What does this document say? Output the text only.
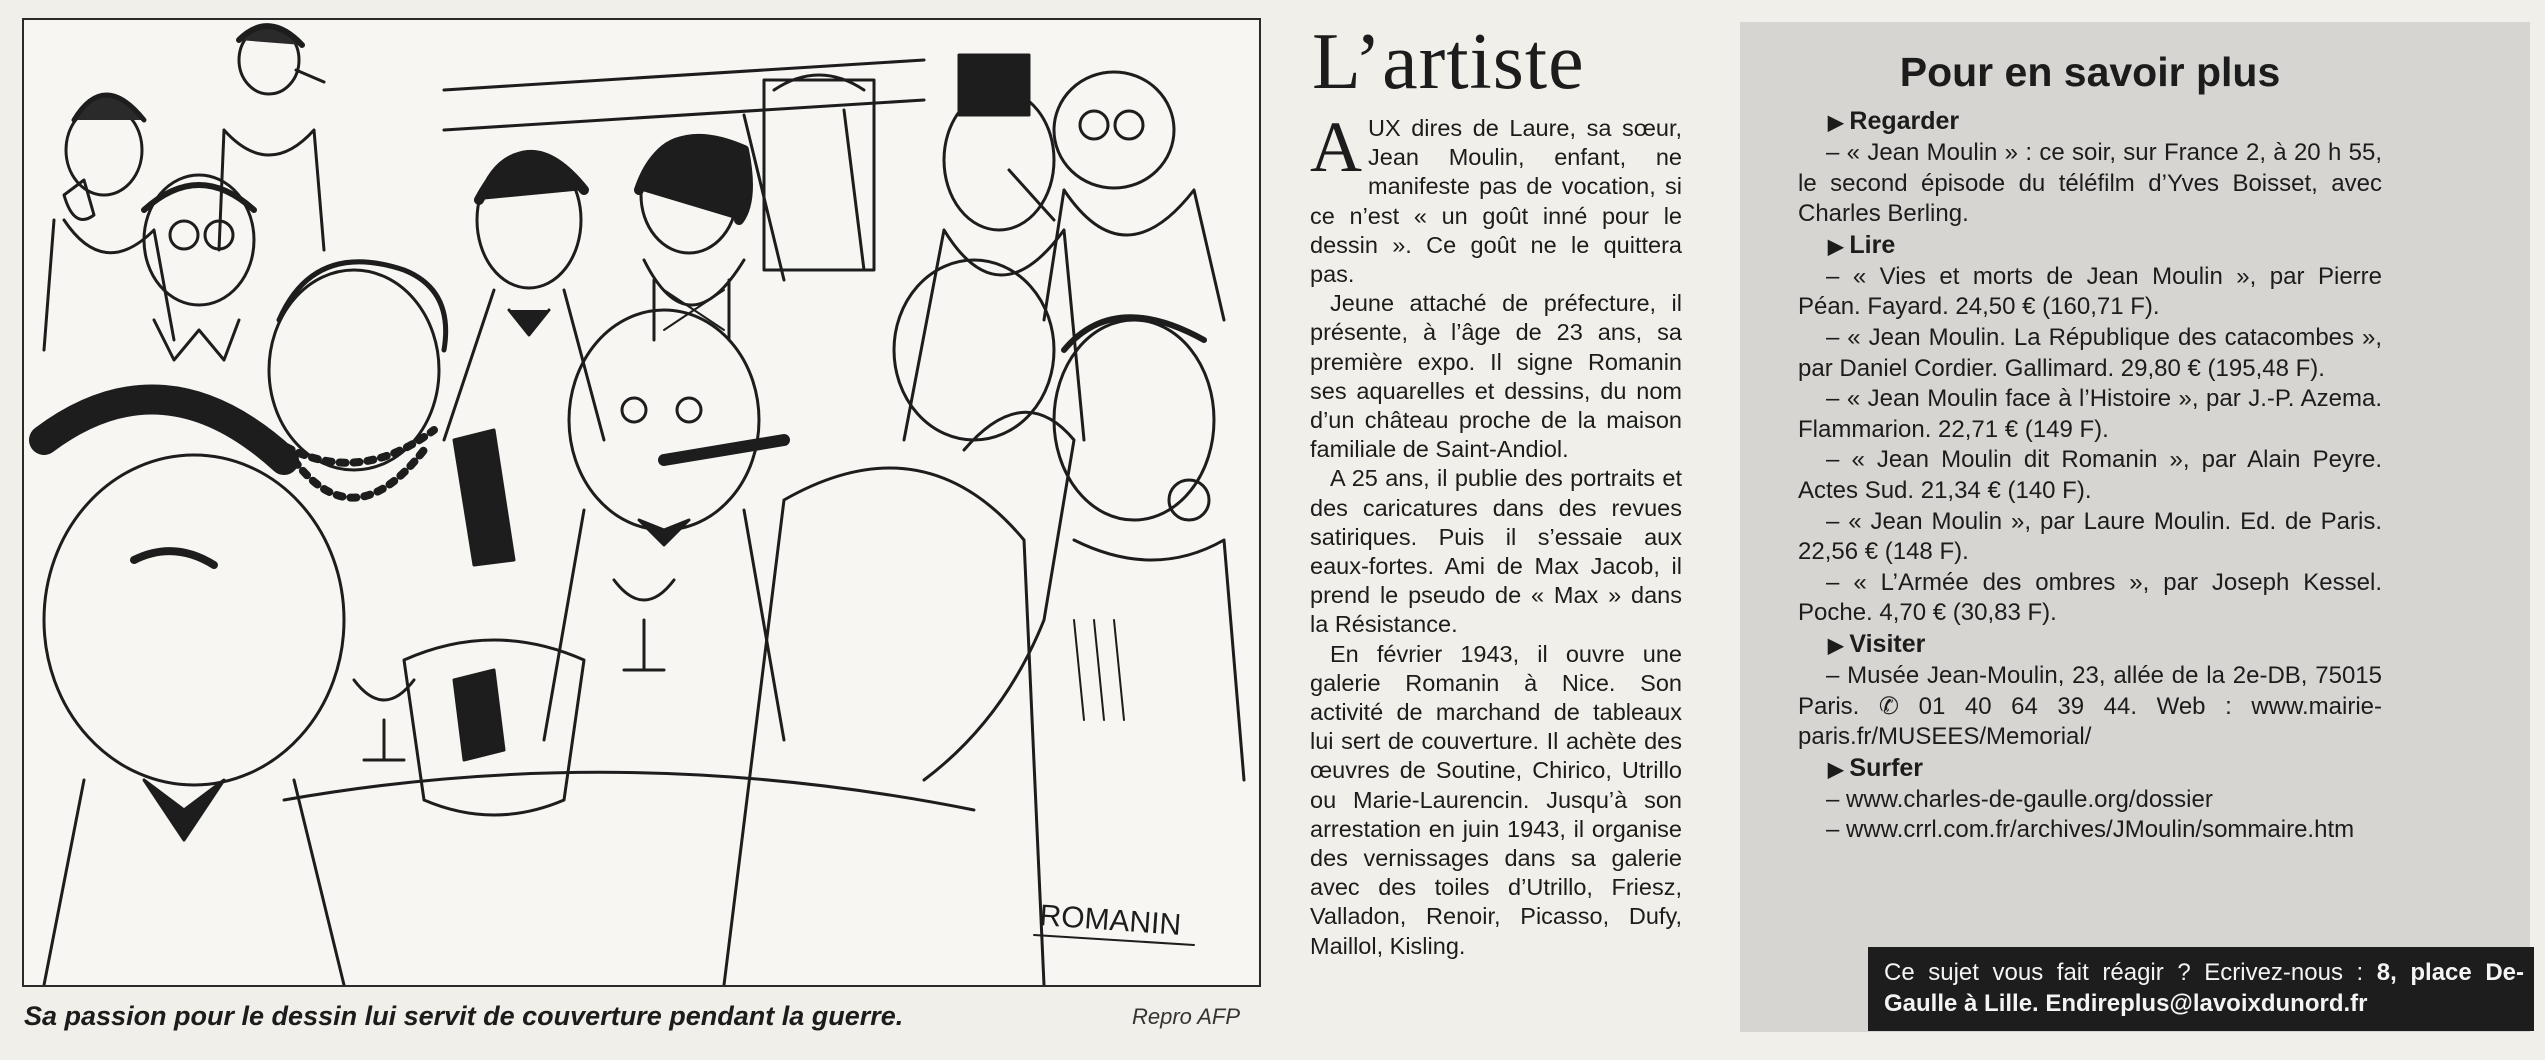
ROMANIN
Sa passion pour le dessin lui servit de couverture pendant la guerre.	Repro AFP
L’artiste

AUX dires de Laure, sa sœur, Jean Moulin, enfant, ne manifeste pas de vocation, si ce n’est « un goût inné pour le dessin ». Ce goût ne le quittera pas.

Jeune attaché de préfecture, il présente, à l’âge de 23 ans, sa première expo. Il signe Romanin ses aquarelles et dessins, du nom d’un château proche de la maison familiale de Saint-Andiol.

A 25 ans, il publie des portraits et des caricatures dans des revues satiriques. Puis il s’essaie aux eaux-fortes. Ami de Max Jacob, il prend le pseudo de « Max » dans la Résistance.

En février 1943, il ouvre une galerie Romanin à Nice. Son activité de marchand de tableaux lui sert de couverture. Il achète des œuvres de Soutine, Chirico, Utrillo ou Marie-Laurencin. Jusqu’à son arrestation en juin 1943, il organise des vernissages dans sa galerie avec des toiles d’Utrillo, Friesz, Valladon, Renoir, Picasso, Dufy, Maillol, Kisling.

Pour en savoir plus
▶ Regarder

– « Jean Moulin » : ce soir, sur France 2, à 20 h 55, le second épisode du téléfilm d’Yves Boisset, avec Charles Berling.

▶ Lire

– « Vies et morts de Jean Moulin », par Pierre Péan. Fayard. 24,50 € (160,71 F).

– « Jean Moulin. La République des catacombes », par Daniel Cordier. Gallimard. 29,80 € (195,48 F).

– « Jean Moulin face à l’Histoire », par J.-P. Azema. Flammarion. 22,71 € (149 F).

– « Jean Moulin dit Romanin », par Alain Peyre. Actes Sud. 21,34 € (140 F).

– « Jean Moulin », par Laure Moulin. Ed. de Paris. 22,56 € (148 F).

– « L’Armée des ombres », par Joseph Kessel. Poche. 4,70 € (30,83 F).

▶ Visiter

– Musée Jean-Moulin, 23, allée de la 2e-DB, 75015 Paris. ✆ 01 40 64 39 44. Web : www.mairie-paris.fr/MUSEES/Memorial/

▶ Surfer

– www.charles-de-gaulle.org/dossier

– www.crrl.com.fr/archives/JMoulin/sommaire.htm

Ce sujet vous fait réagir ? Ecrivez-nous : 8, place De-Gaulle à Lille. Endireplus@lavoixdunord.fr
